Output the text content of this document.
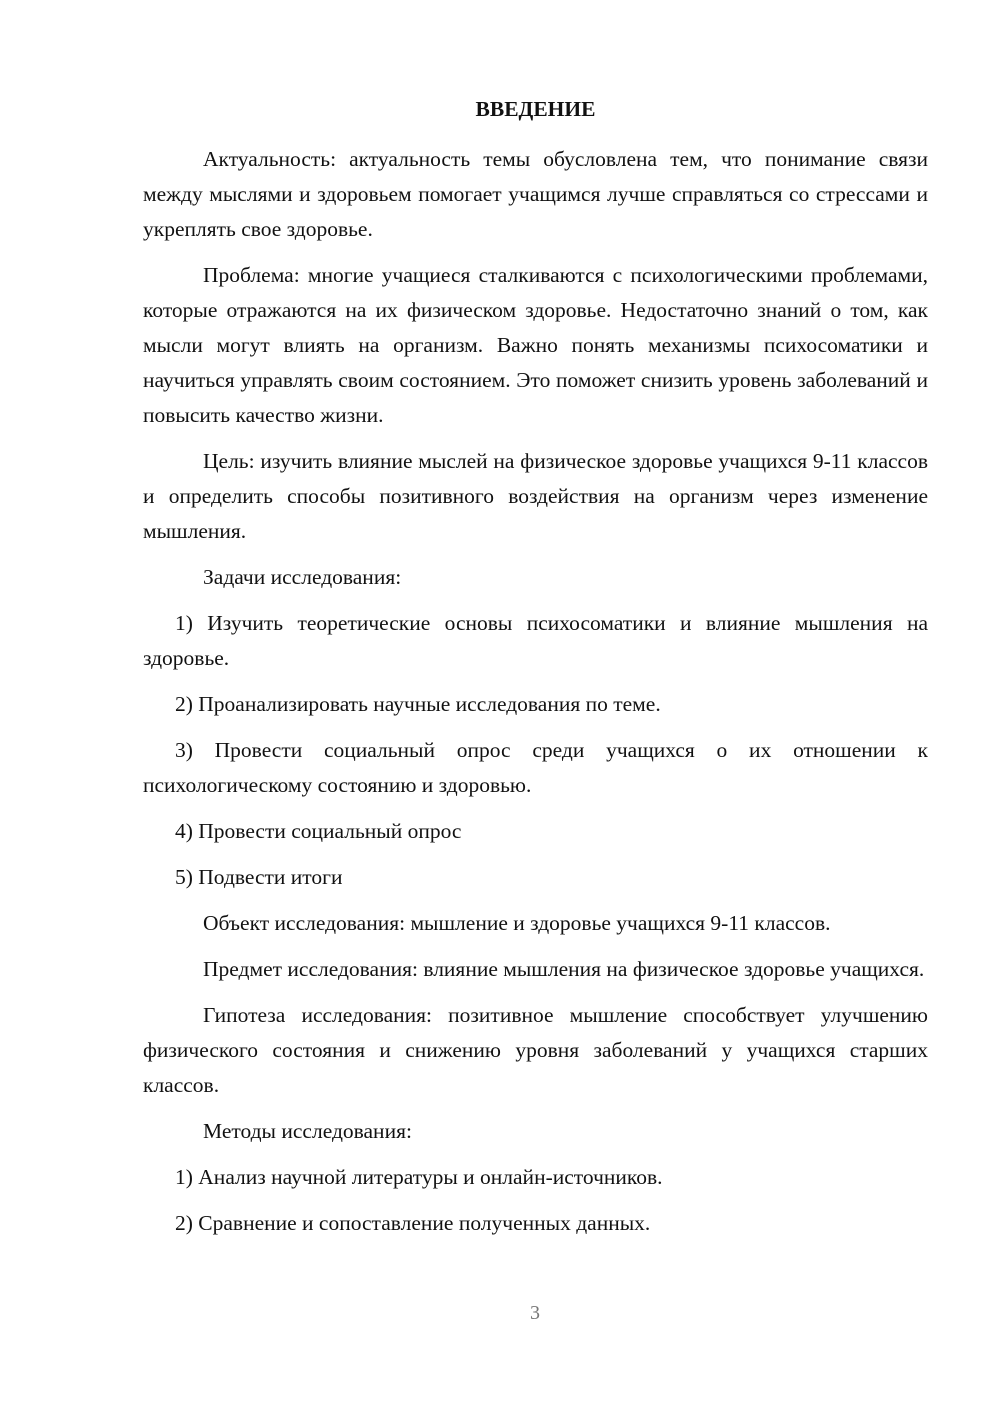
ВВЕДЕНИЕ

Актуальность: актуальность темы обусловлена тем, что понимание связи между мыслями и здоровьем помогает учащимся лучше справляться со стрессами и укреплять свое здоровье.

Проблема: многие учащиеся сталкиваются с психологическими проблемами, которые отражаются на их физическом здоровье. Недостаточно знаний о том, как мысли могут влиять на организм. Важно понять механизмы психосоматики и научиться управлять своим состоянием. Это поможет снизить уровень заболеваний и повысить качество жизни.

Цель: изучить влияние мыслей на физическое здоровье учащихся 9-11 классов и определить способы позитивного воздействия на организм через изменение мышления.

Задачи исследования:

1) Изучить теоретические основы психосоматики и влияние мышления на здоровье.

2) Проанализировать научные исследования по теме.

3) Провести социальный опрос среди учащихся о их отношении к психологическому состоянию и здоровью.

4) Провести социальный опрос

5) Подвести итоги

Объект исследования: мышление и здоровье учащихся 9-11 классов.

Предмет исследования: влияние мышления на физическое здоровье учащихся.

Гипотеза исследования: позитивное мышление способствует улучшению физического состояния и снижению уровня заболеваний у учащихся старших классов.

Методы исследования:

1) Анализ научной литературы и онлайн-источников.

2) Сравнение и сопоставление полученных данных.

3
